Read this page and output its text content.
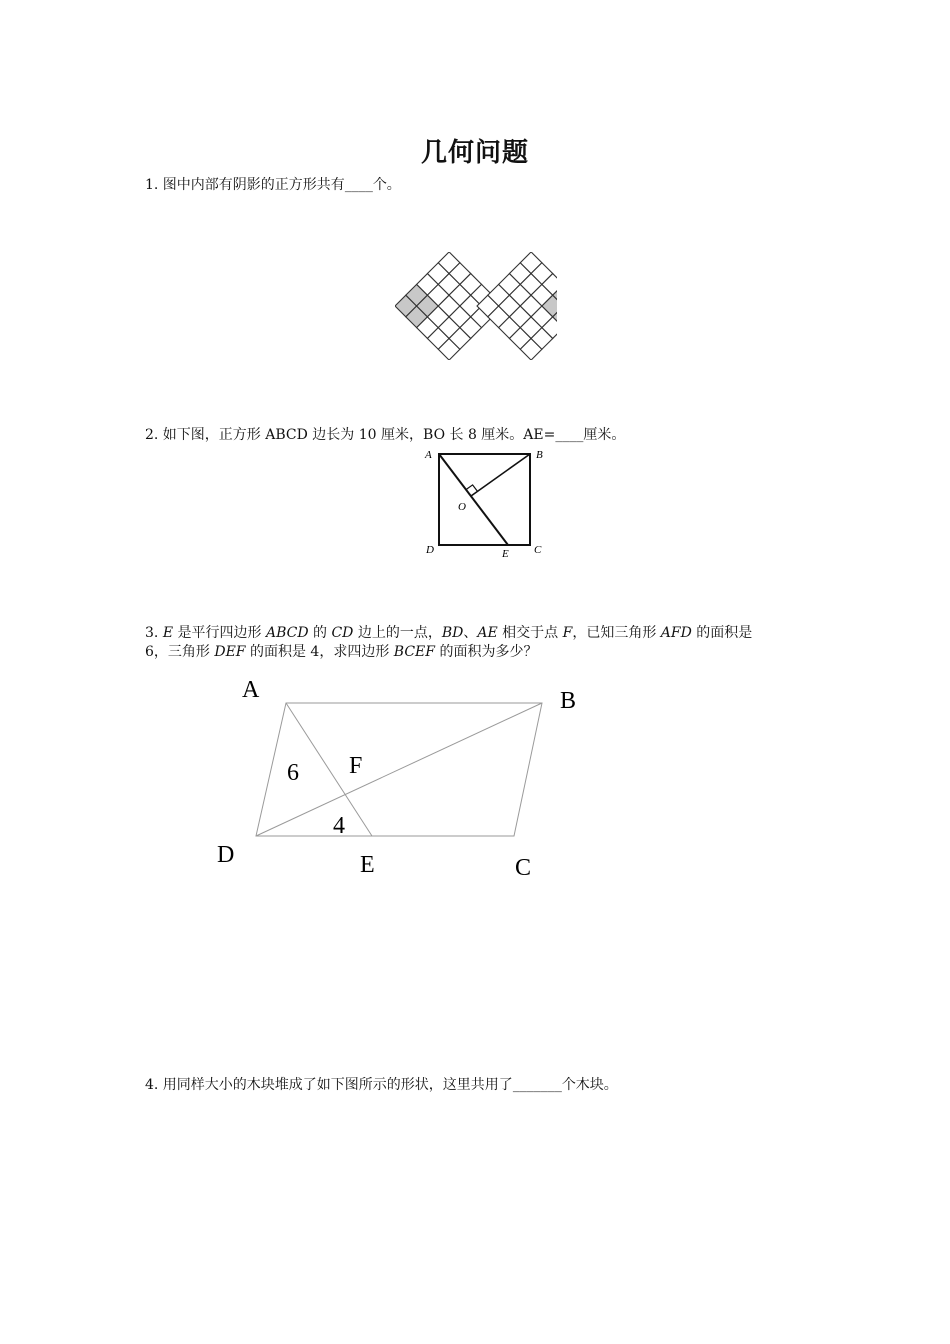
几何问题
1. 图中内部有阴影的正方形共有____个。
2. 如下图，正方形 ABCD 边长为 10 厘米，BO 长 8 厘米。AE=____厘米。
A	B
C
D
O
E
3. E 是平行四边形 ABCD 的 CD 边上的一点，BD、AE 相交于点 F，已知三角形 AFD 的面积是
6，三角形 DEF 的面积是 4，求四边形 BCEF 的面积为多少？
A	B
C
D	E
F
6
4
4. 用同样大小的木块堆成了如下图所示的形状，这里共用了_______个木块。
